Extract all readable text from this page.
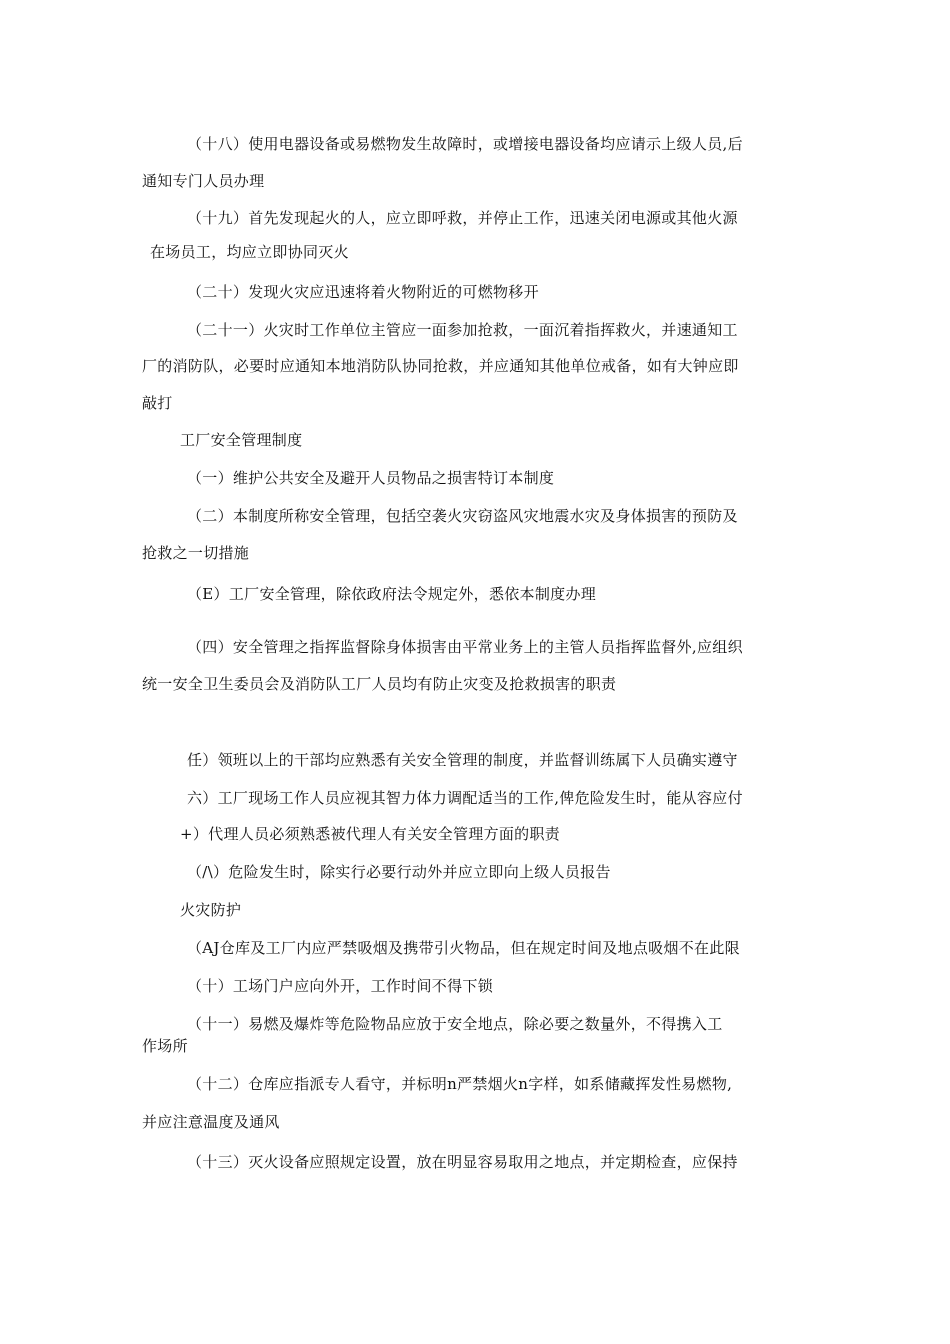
（十八）使用电器设备或易燃物发生故障时，或增接电器设备均应请示上级人员,后
通知专门人员办理
（十九）首先发现起火的人，应立即呼救，并停止工作，迅速关闭电源或其他火源
在场员工，均应立即协同灭火
（二十）发现火灾应迅速将着火物附近的可燃物移开
（二十一）火灾时工作单位主管应一面参加抢救，一面沉着指挥救火，并速通知工
厂的消防队，必要时应通知本地消防队协同抢救，并应通知其他单位戒备，如有大钟应即
敲打
工厂安全管理制度
（一）维护公共安全及避开人员物品之损害特订本制度
（二）本制度所称安全管理，包括空袭火灾窃盗风灾地震水灾及身体损害的预防及
抢救之一切措施
（E）工厂安全管理，除依政府法令规定外，悉依本制度办理
（四）安全管理之指挥监督除身体损害由平常业务上的主管人员指挥监督外,应组织
统一安全卫生委员会及消防队工厂人员均有防止灾变及抢救损害的职责
任）领班以上的干部均应熟悉有关安全管理的制度，并监督训练属下人员确实遵守
六）工厂现场工作人员应视其智力体力调配适当的工作,俾危险发生时，能从容应付
+）代理人员必须熟悉被代理人有关安全管理方面的职责
（/\）危险发生时，除实行必要行动外并应立即向上级人员报告
火灾防护
（AJ仓库及工厂内应严禁吸烟及携带引火物品，但在规定时间及地点吸烟不在此限
（十）工场门户应向外开，工作时间不得下锁
（十一）易燃及爆炸等危险物品应放于安全地点，除必要之数量外，不得携入工
作场所
（十二）仓库应指派专人看守，并标明n严禁烟火n字样，如系储藏挥发性易燃物,
并应注意温度及通风
（十三）灭火设备应照规定设置，放在明显容易取用之地点，并定期检查，应保持
